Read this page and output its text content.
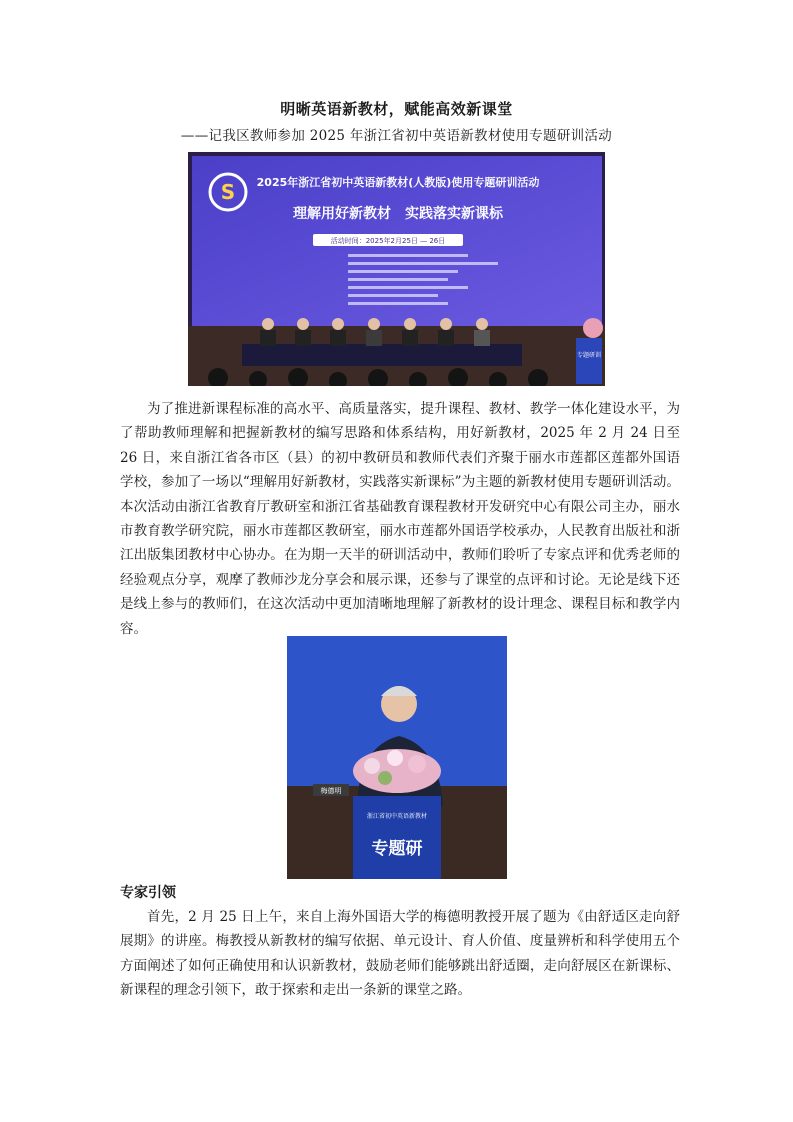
明晰英语新教材，赋能高效新课堂
——记我区教师参加 2025 年浙江省初中英语新教材使用专题研训活动
S 2025年浙江省初中英语新教材(人教版)使用专题研训活动
理解用好新教材　实践落实新课标
活动时间：2025年2月25日 — 26日
专题研训

为了推进新课程标准的高水平、高质量落实，提升课程、教材、教学一体化建设水平，为了帮助教师理解和把握新教材的编写思路和体系结构，用好新教材，2025 年 2 月 24 日至 26 日，来自浙江省各市区（县）的初中教研员和教师代表们齐聚于丽水市莲都区莲都外国语学校，参加了一场以“理解用好新教材，实践落实新课标”为主题的新教材使用专题研训活动。本次活动由浙江省教育厅教研室和浙江省基础教育课程教材开发研究中心有限公司主办，丽水市教育教学研究院，丽水市莲都区教研室，丽水市莲都外国语学校承办，人民教育出版社和浙江出版集团教材中心协办。在为期一天半的研训活动中，教师们聆听了专家点评和优秀老师的经验观点分享，观摩了教师沙龙分享会和展示课，还参与了课堂的点评和讨论。无论是线下还是线上参与的教师们，在这次活动中更加清晰地理解了新教材的设计理念、课程目标和教学内容。

浙江省初中英语新教材
专题研
梅德明
专家引领

首先，2 月 25 日上午，来自上海外国语大学的梅德明教授开展了题为《由舒适区走向舒展期》的讲座。梅教授从新教材的编写依据、单元设计、育人价值、度量辨析和科学使用五个方面阐述了如何正确使用和认识新教材，鼓励老师们能够跳出舒适圈，走向舒展区在新课标、新课程的理念引领下，敢于探索和走出一条新的课堂之路。
